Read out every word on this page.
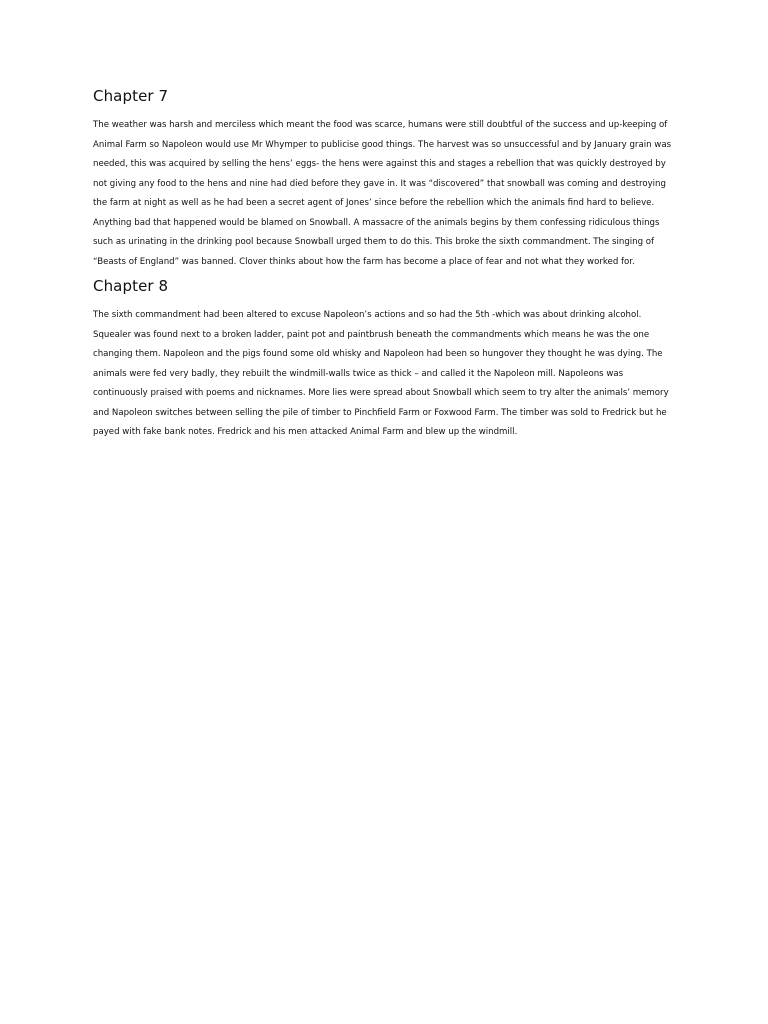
Chapter 7

The weather was harsh and merciless which meant the food was scarce, humans were still doubtful of the success and up-keeping of Animal Farm so Napoleon would use Mr Whymper to publicise good things. The harvest was so unsuccessful and by January grain was needed, this was acquired by selling the hens’ eggs- the hens were against this and stages a rebellion that was quickly destroyed by not giving any food to the hens and nine had died before they gave in. It was “discovered” that snowball was coming and destroying the farm at night as well as he had been a secret agent of Jones’ since before the rebellion which the animals find hard to believe. Anything bad that happened would be blamed on Snowball. A massacre of the animals begins by them confessing ridiculous things such as urinating in the drinking pool because Snowball urged them to do this. This broke the sixth commandment. The singing of “Beasts of England” was banned. Clover thinks about how the farm has become a place of fear and not what they worked for.

Chapter 8

The sixth commandment had been altered to excuse Napoleon’s actions and so had the 5th -which was about drinking alcohol. Squealer was found next to a broken ladder, paint pot and paintbrush beneath the commandments which means he was the one changing them. Napoleon and the pigs found some old whisky and Napoleon had been so hungover they thought he was dying. The animals were fed very badly, they rebuilt the windmill-walls twice as thick – and called it the Napoleon mill. Napoleons was continuously praised with poems and nicknames. More lies were spread about Snowball which seem to try alter the animals’ memory and Napoleon switches between selling the pile of timber to Pinchfield Farm or Foxwood Farm. The timber was sold to Fredrick but he payed with fake bank notes. Fredrick and his men attacked Animal Farm and blew up the windmill.
